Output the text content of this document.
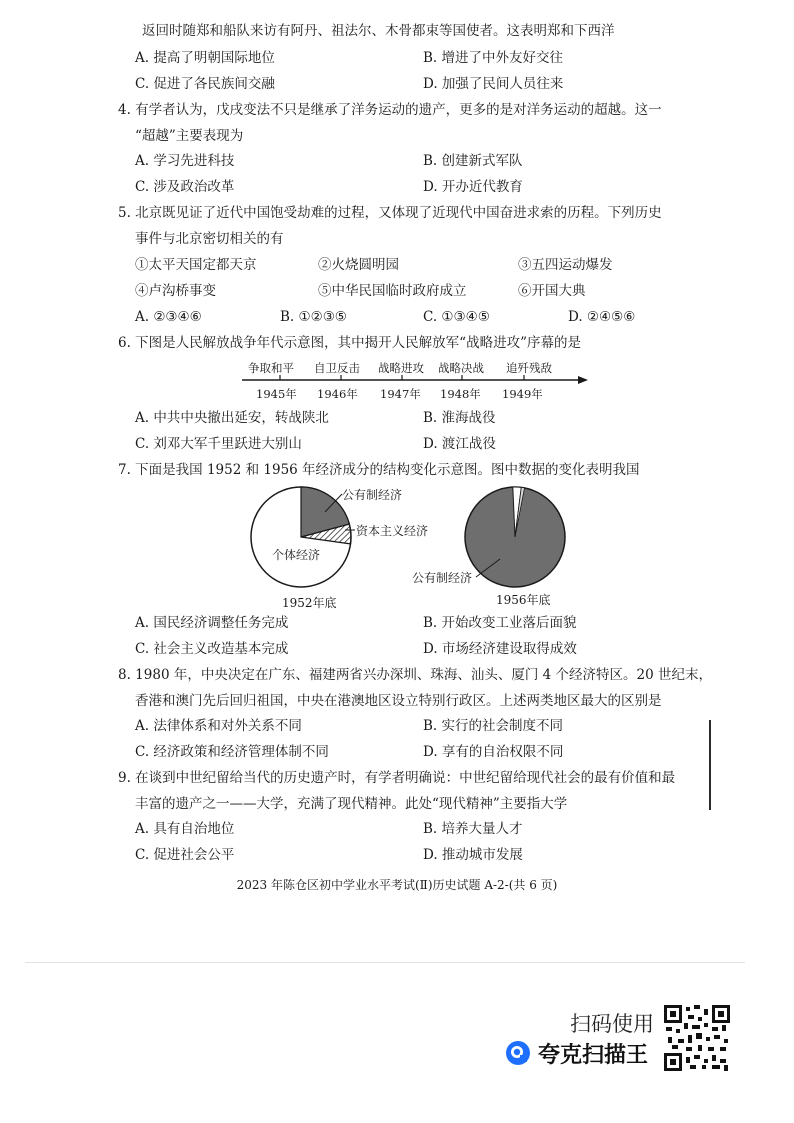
返回时随郑和船队来访有阿丹、祖法尔、木骨都束等国使者。这表明郑和下西洋
A. 提高了明朝国际地位	B. 增进了中外友好交往
C. 促进了各民族间交融	D. 加强了民间人员往来
4. 有学者认为，戊戌变法不只是继承了洋务运动的遗产，更多的是对洋务运动的超越。这一
“超越”主要表现为
A. 学习先进科技	B. 创建新式军队
C. 涉及政治改革	D. 开办近代教育
5. 北京既见证了近代中国饱受劫难的过程，又体现了近现代中国奋进求索的历程。下列历史
事件与北京密切相关的有
①太平天国定都天京	②火烧圆明园	③五四运动爆发
④卢沟桥事变	⑤中华民国临时政府成立	⑥开国大典
A. ②③④⑥	B. ①②③⑤	C. ①③④⑤	D. ②④⑤⑥
6. 下图是人民解放战争年代示意图，其中揭开人民解放军“战略进攻”序幕的是
争取和平 自卫反击 战略进攻 战略决战 追歼残敌
1945年 1946年 1947年 1948年 1949年
A. 中共中央撤出延安，转战陕北	B. 淮海战役
C. 刘邓大军千里跃进大别山	D. 渡江战役
7. 下面是我国 1952 和 1956 年经济成分的结构变化示意图。图中数据的变化表明我国
公有制经济
资本主义经济
个体经济
1952年底
公有制经济
1956年底
A. 国民经济调整任务完成	B. 开始改变工业落后面貌
C. 社会主义改造基本完成	D. 市场经济建设取得成效
8. 1980 年，中央决定在广东、福建两省兴办深圳、珠海、汕头、厦门 4 个经济特区。20 世纪末，
香港和澳门先后回归祖国，中央在港澳地区设立特别行政区。上述两类地区最大的区别是
A. 法律体系和对外关系不同	B. 实行的社会制度不同
C. 经济政策和经济管理体制不同	D. 享有的自治权限不同
9. 在谈到中世纪留给当代的历史遗产时，有学者明确说：中世纪留给现代社会的最有价值和最
丰富的遗产之一——大学，充满了现代精神。此处“现代精神”主要指大学
A. 具有自治地位	B. 培养大量人才
C. 促进社会公平	D. 推动城市发展
2023 年陈仓区初中学业水平考试(Ⅱ)历史试题 A-2-(共 6 页)
扫码使用
夸克扫描王
